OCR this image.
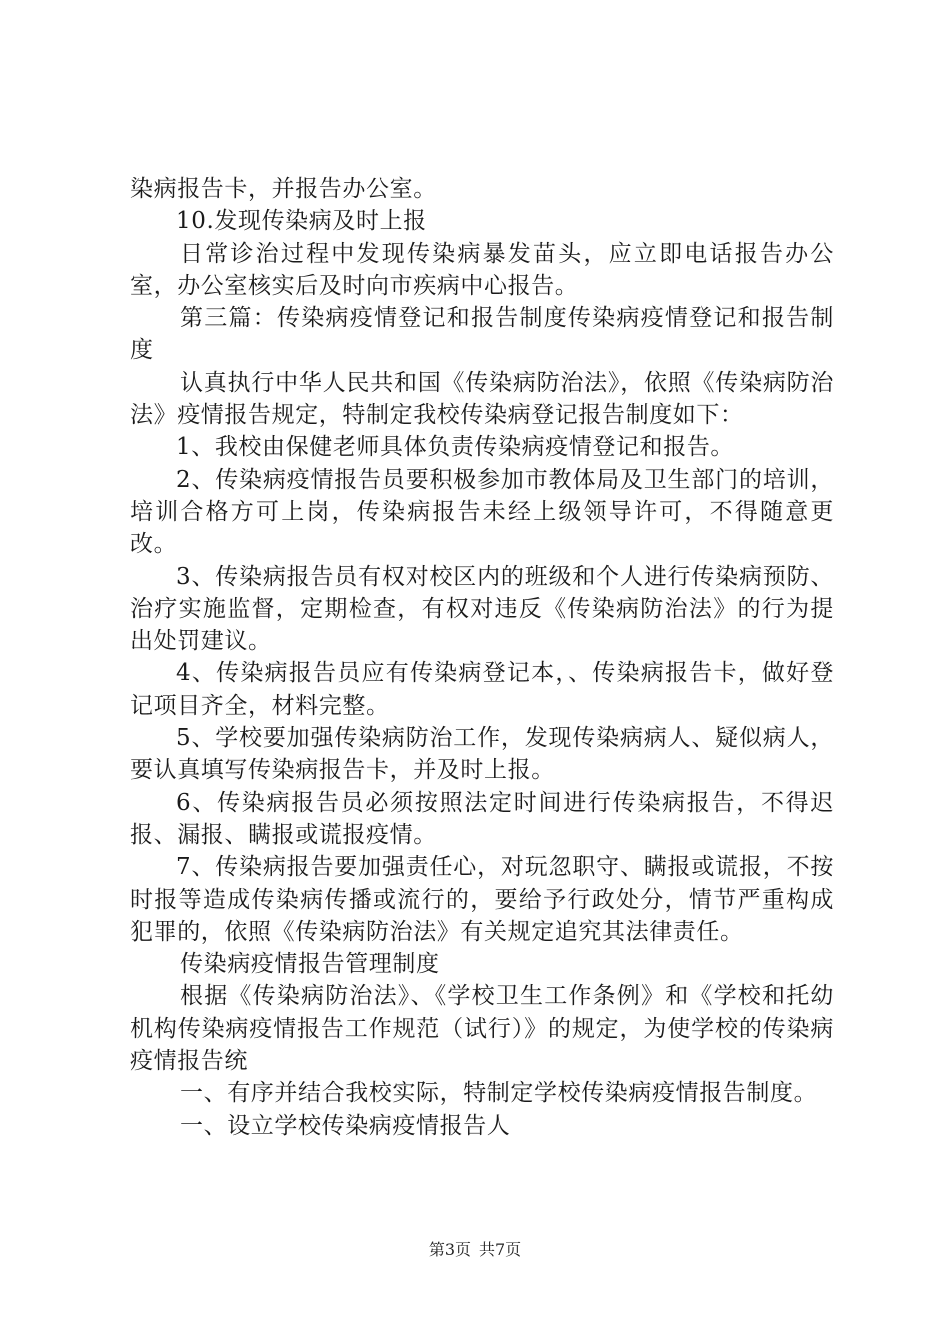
染病报告卡，并报告办公室。

10.发现传染病及时上报

日常诊治过程中发现传染病暴发苗头，应立即电话报告办公室，办公室核实后及时向市疾病中心报告。

第三篇：传染病疫情登记和报告制度传染病疫情登记和报告制度

认真执行中华人民共和国《传染病防治法》，依照《传染病防治法》疫情报告规定，特制定我校传染病登记报告制度如下：

1、我校由保健老师具体负责传染病疫情登记和报告。

2、传染病疫情报告员要积极参加市教体局及卫生部门的培训，培训合格方可上岗，传染病报告未经上级领导许可，不得随意更改。

3、传染病报告员有权对校区内的班级和个人进行传染病预防、治疗实施监督，定期检查，有权对违反《传染病防治法》的行为提出处罚建议。

4、传染病报告员应有传染病登记本，、传染病报告卡，做好登记项目齐全，材料完整。

5、学校要加强传染病防治工作，发现传染病病人、疑似病人，要认真填写传染病报告卡，并及时上报。

6、传染病报告员必须按照法定时间进行传染病报告，不得迟报、漏报、瞒报或谎报疫情。

7、传染病报告要加强责任心，对玩忽职守、瞒报或谎报，不按时报等造成传染病传播或流行的，要给予行政处分，情节严重构成犯罪的，依照《传染病防治法》有关规定追究其法律责任。

传染病疫情报告管理制度

根据《传染病防治法》、《学校卫生工作条例》和《学校和托幼机构传染病疫情报告工作规范（试行）》的规定，为使学校的传染病疫情报告统

一、有序并结合我校实际，特制定学校传染病疫情报告制度。

一、设立学校传染病疫情报告人

第3页 共7页
